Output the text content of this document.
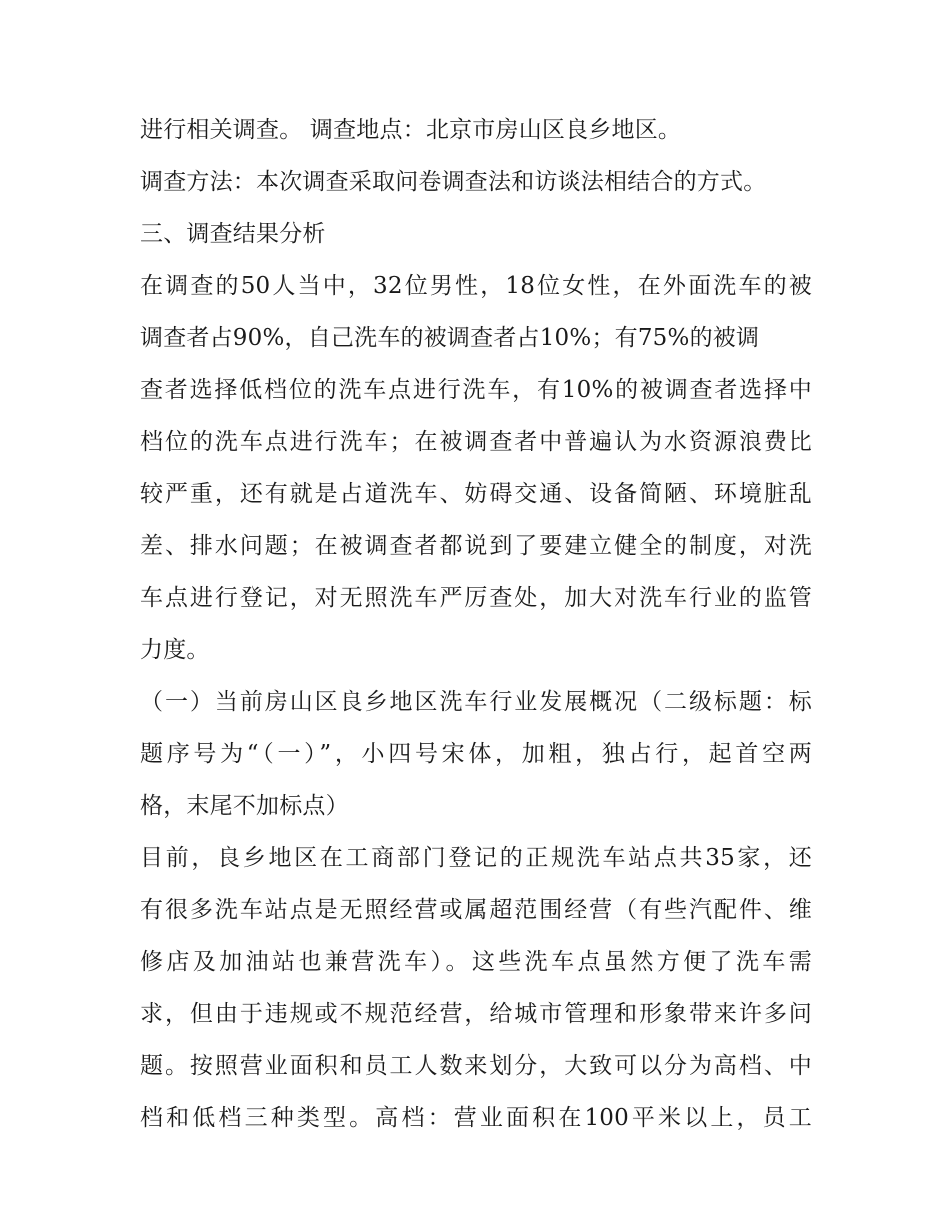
进行相关调查。 调查地点：北京市房山区良乡地区。
调查方法：本次调查采取问卷调查法和访谈法相结合的方式。
三、调查结果分析
在调查的50人当中，32位男性，18位女性，在外面洗车的被
调查者占90%，自己洗车的被调查者占10%；有75%的被调
查者选择低档位的洗车点进行洗车，有10%的被调查者选择中
档位的洗车点进行洗车；在被调查者中普遍认为水资源浪费比
较严重，还有就是占道洗车、妨碍交通、设备简陋、环境脏乱
差、排水问题；在被调查者都说到了要建立健全的制度，对洗
车点进行登记，对无照洗车严厉查处，加大对洗车行业的监管
力度。
（一）当前房山区良乡地区洗车行业发展概况（二级标题：标
题序号为“（一）”，小四号宋体，加粗，独占行，起首空两
格，末尾不加标点）
目前，良乡地区在工商部门登记的正规洗车站点共35家，还
有很多洗车站点是无照经营或属超范围经营（有些汽配件、维
修店及加油站也兼营洗车）。这些洗车点虽然方便了洗车需
求，但由于违规或不规范经营，给城市管理和形象带来许多问
题。按照营业面积和员工人数来划分，大致可以分为高档、中
档和低档三种类型。高档：营业面积在100平米以上，员工
